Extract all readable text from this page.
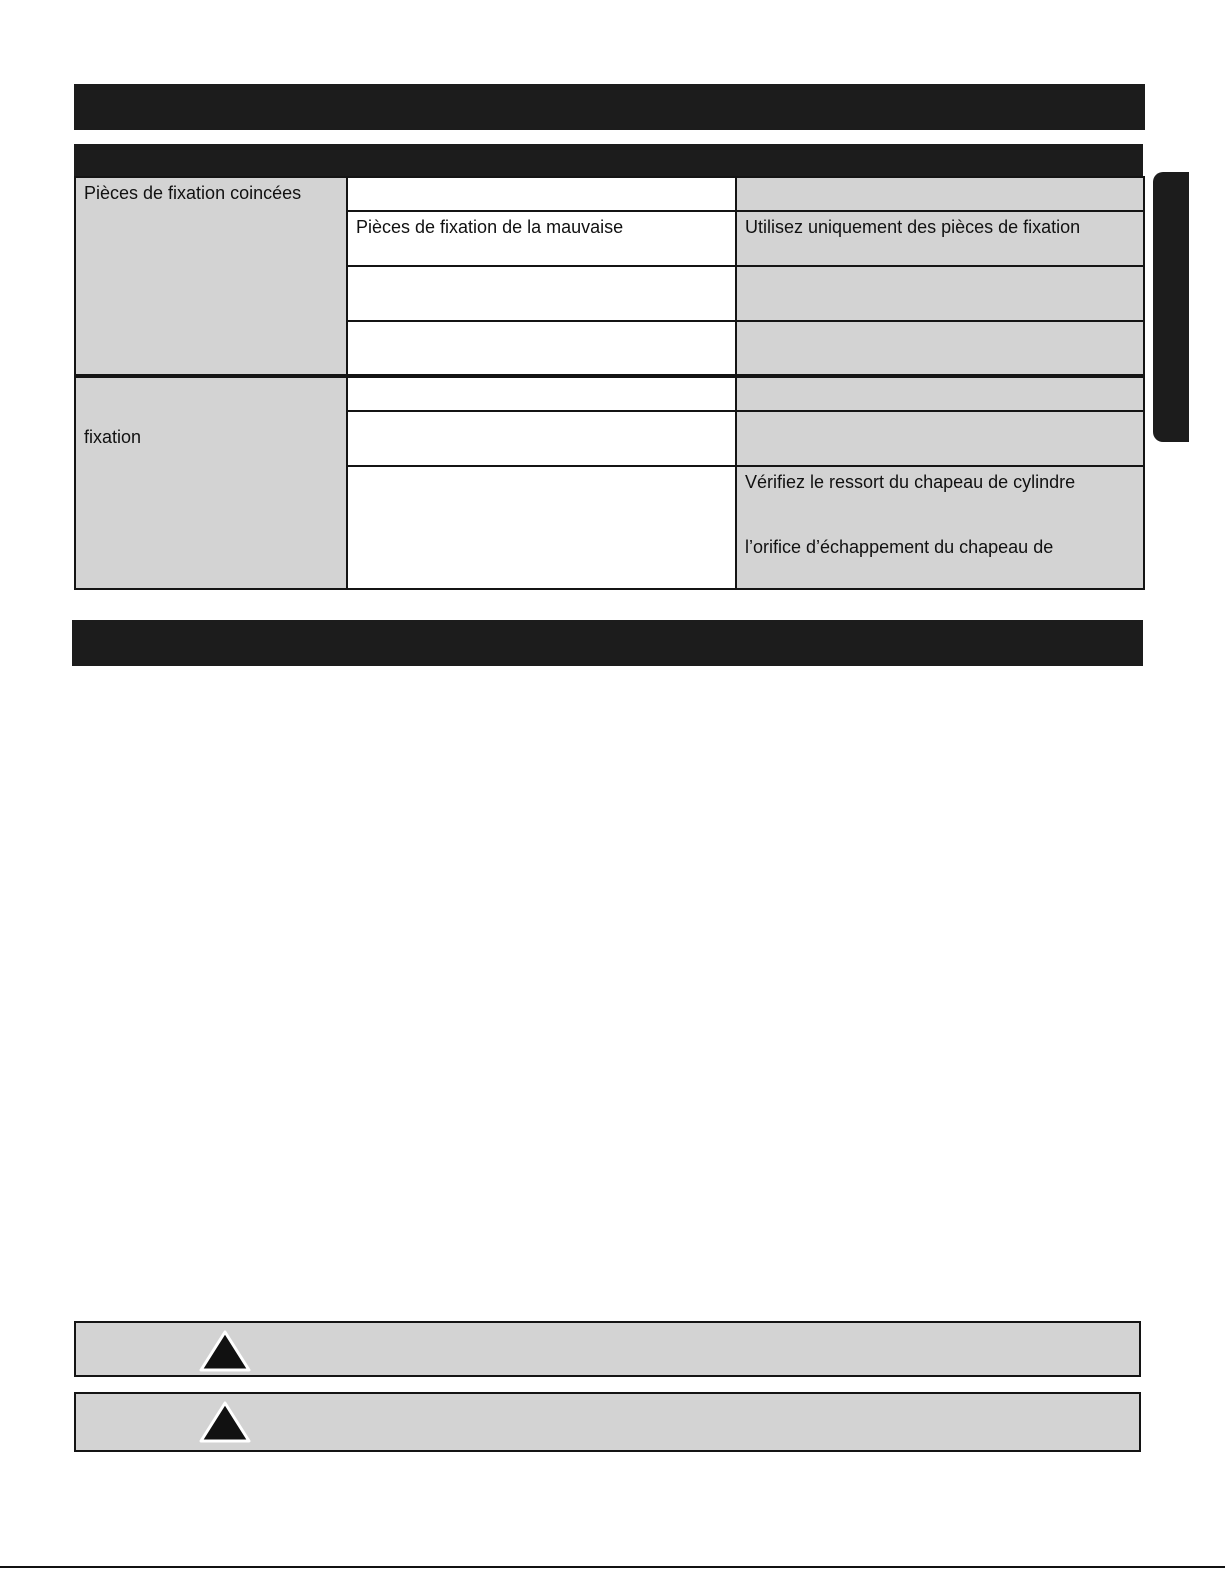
Pièces de fixation coincées		
	Pièces de fixation de la mauvaise	Utilisez uniquement des pièces de fixation

fixation		

		Vérifiez le ressort du chapeau de cylindre
l’orifice d’échappement du chapeau de
